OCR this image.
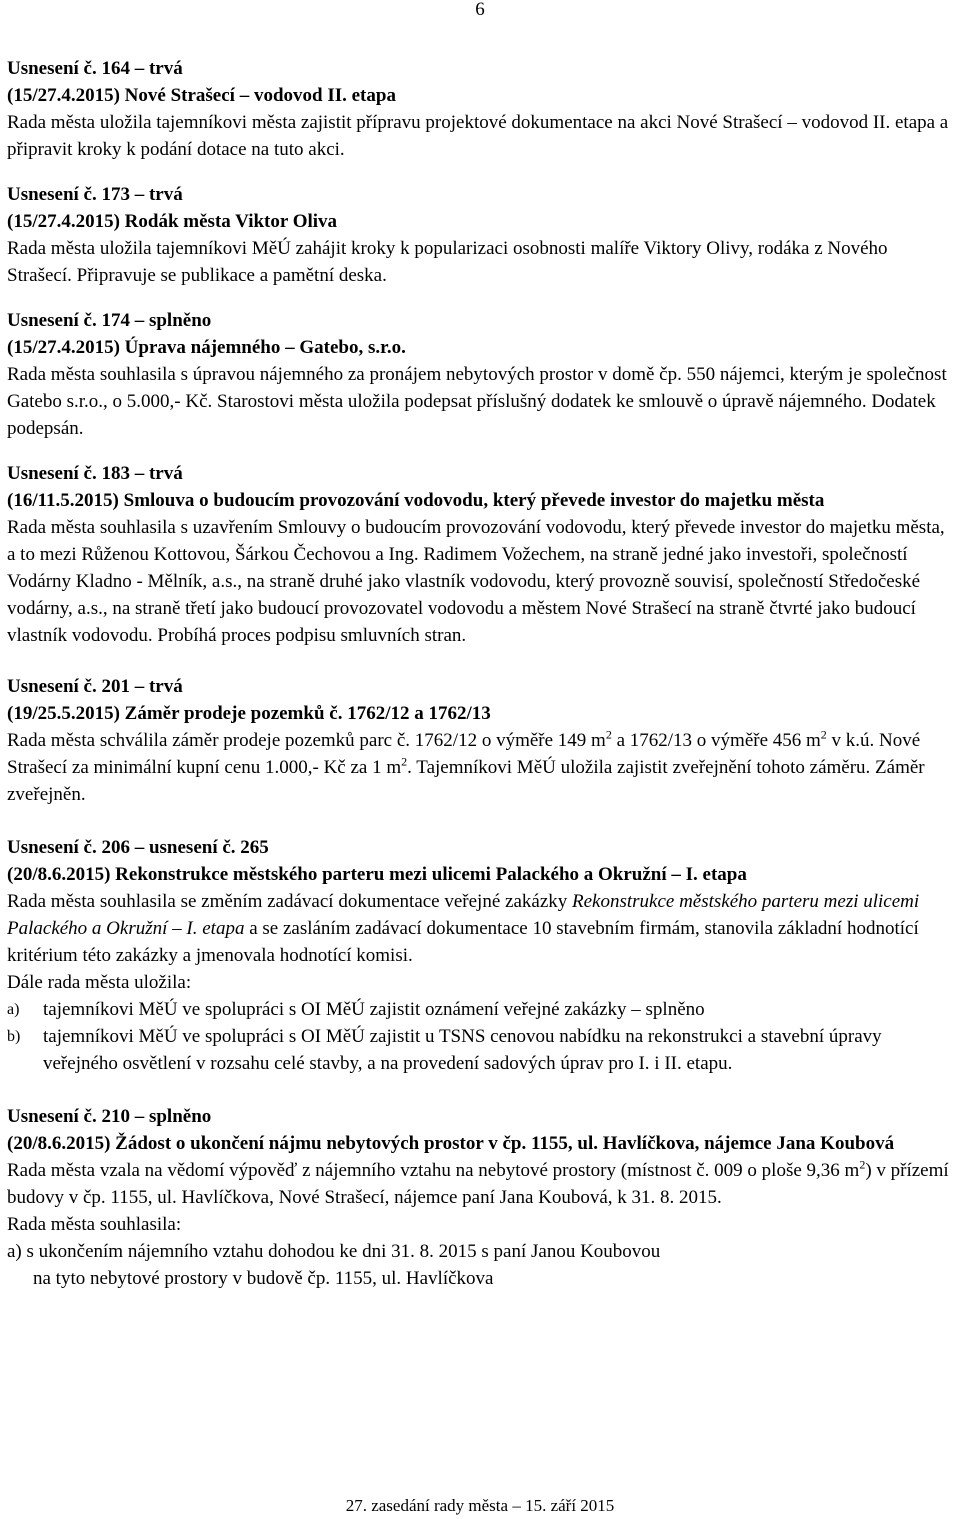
6
Usnesení č. 164 – trvá
(15/27.4.2015) Nové Strašecí – vodovod II. etapa

Rada města uložila tajemníkovi města zajistit přípravu projektové dokumentace na akci Nové Strašecí – vodovod II. etapa a připravit kroky k podání dotace na tuto akci.

Usnesení č. 173 – trvá
(15/27.4.2015) Rodák města Viktor Oliva

Rada města uložila tajemníkovi MěÚ zahájit kroky k popularizaci osobnosti malíře Viktory Olivy, rodáka z Nového Strašecí. Připravuje se publikace a pamětní deska.

Usnesení č. 174 – splněno
(15/27.4.2015) Úprava nájemného – Gatebo, s.r.o.

Rada města souhlasila s úpravou nájemného za pronájem nebytových prostor v domě čp. 550 nájemci, kterým je společnost Gatebo s.r.o., o 5.000,- Kč. Starostovi města uložila podepsat příslušný dodatek ke smlouvě o úpravě nájemného. Dodatek podepsán.

Usnesení č. 183 – trvá
(16/11.5.2015) Smlouva o budoucím provozování vodovodu, který převede investor do majetku města

Rada města souhlasila s uzavřením Smlouvy o budoucím provozování vodovodu, který převede investor do majetku města, a to mezi Růženou Kottovou, Šárkou Čechovou a Ing. Radimem Vožechem, na straně jedné jako investoři, společností Vodárny Kladno - Mělník, a.s., na straně druhé jako vlastník vodovodu, který provozně souvisí, společností Středočeské vodárny, a.s., na straně třetí jako budoucí provozovatel vodovodu a městem Nové Strašecí na straně čtvrté jako budoucí vlastník vodovodu. Probíhá proces podpisu smluvních stran.

Usnesení č. 201 – trvá
(19/25.5.2015) Záměr prodeje pozemků č. 1762/12 a 1762/13

Rada města schválila záměr prodeje pozemků parc č. 1762/12 o výměře 149 $m^2$ a 1762/13 o výměře 456 $m^2$ v k.ú. Nové Strašecí za minimální kupní cenu 1.000,- Kč za 1 $m^2$. Tajemníkovi MěÚ uložila zajistit zveřejnění tohoto záměru. Záměr zveřejněn.

Usnesení č. 206 – usnesení č. 265
(20/8.6.2015) Rekonstrukce městského parteru mezi ulicemi Palackého a Okružní – I. etapa

Rada města souhlasila se změním zadávací dokumentace veřejné zakázky Rekonstrukce městského parteru mezi ulicemi Palackého a Okružní – I. etapa a se zasláním zadávací dokumentace 10 stavebním firmám, stanovila základní hodnotící kritérium této zakázky a jmenovala hodnotící komisi.

Dále rada města uložila:

a) tajemníkovi MěÚ ve spolupráci s OI MěÚ zajistit oznámení veřejné zakázky – splněno
b) tajemníkovi MěÚ ve spolupráci s OI MěÚ zajistit u TSNS cenovou nabídku na rekonstrukci a stavební úpravy veřejného osvětlení v rozsahu celé stavby, a na provedení sadových úprav pro I. i II. etapu.
Usnesení č. 210 – splněno
(20/8.6.2015) Žádost o ukončení nájmu nebytových prostor v čp. 1155, ul. Havlíčkova, nájemce Jana Koubová

Rada města vzala na vědomí výpověď z nájemního vztahu na nebytové prostory (místnost č. 009 o ploše 9,36 $m^2$) v přízemí budovy v čp. 1155, ul. Havlíčkova, Nové Strašecí, nájemce paní Jana Koubová, k 31. 8. 2015.

Rada města souhlasila:

a) s ukončením nájemního vztahu dohodou ke dni 31. 8. 2015 s paní Janou Koubovou

na tyto nebytové prostory v budově čp. 1155, ul. Havlíčkova

27. zasedání rady města – 15. září 2015
